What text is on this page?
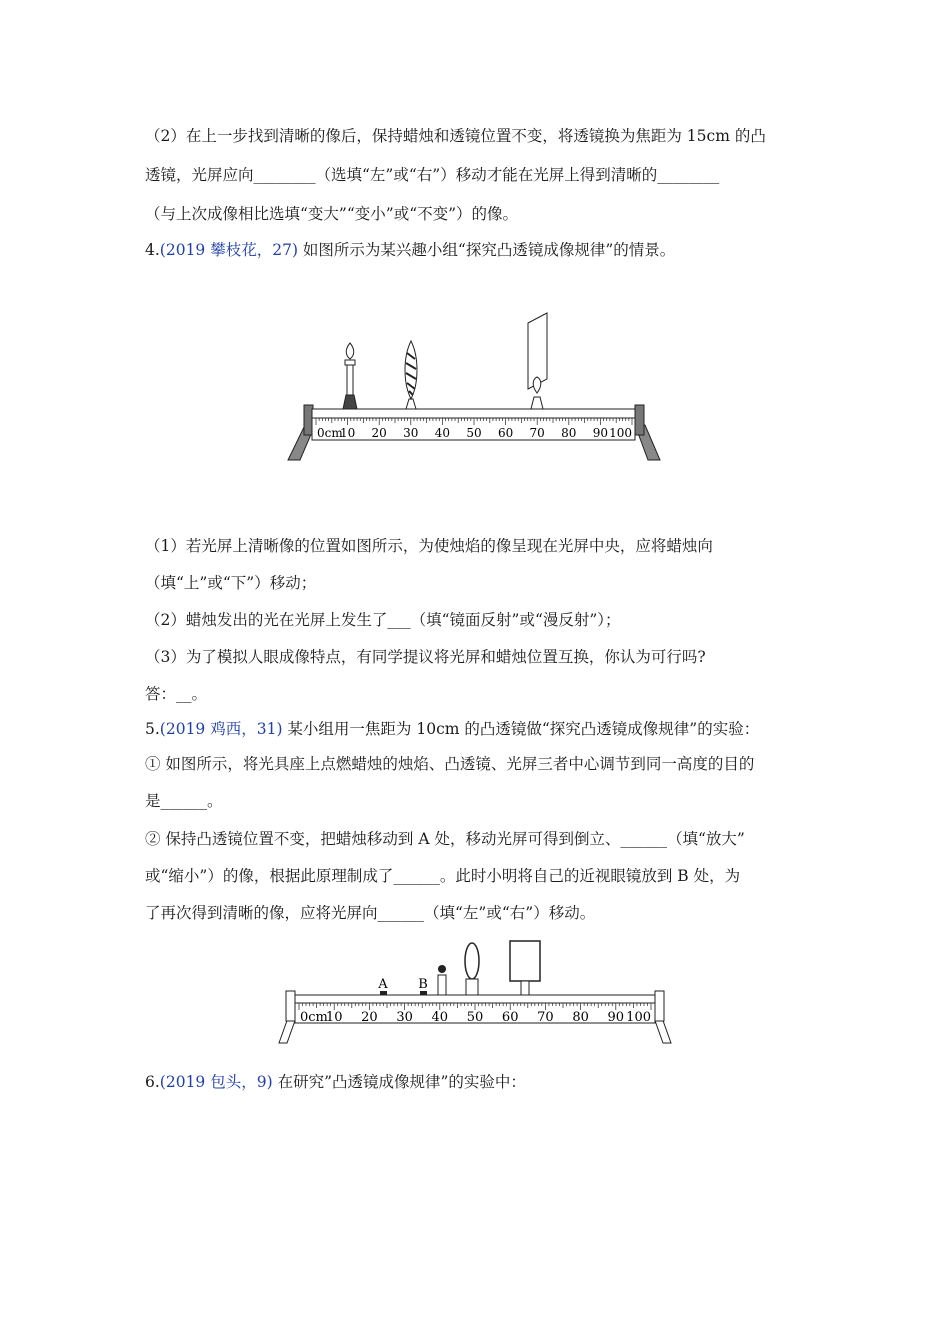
（2）在上一步找到清晰的像后，保持蜡烛和透镜位置不变，将透镜换为焦距为 15cm 的凸
透镜，光屏应向________（选填“左”或“右”）移动才能在光屏上得到清晰的________
（与上次成像相比选填“变大”“变小”或“不变”）的像。
4.(2019 攀枝花，27) 如图所示为某兴趣小组“探究凸透镜成像规律”的情景。
0cm
10 20 30 40 50 60 70 80 90 100
（1）若光屏上清晰像的位置如图所示，为使烛焰的像呈现在光屏中央，应将蜡烛向
（填“上”或“下”）移动；
（2）蜡烛发出的光在光屏上发生了___（填“镜面反射”或“漫反射”）；
（3）为了模拟人眼成像特点，有同学提议将光屏和蜡烛位置互换，你认为可行吗?
答：__。
5.(2019 鸡西，31) 某小组用一焦距为 10cm 的凸透镜做“探究凸透镜成像规律”的实验：
① 如图所示，将光具座上点燃蜡烛的烛焰、凸透镜、光屏三者中心调节到同一高度的目的
是______。
② 保持凸透镜位置不变，把蜡烛移动到 A 处，移动光屏可得到倒立、______（填“放大”
或“缩小”）的像，根据此原理制成了______。此时小明将自己的近视眼镜放到 B 处，为
了再次得到清晰的像，应将光屏向______（填“左”或“右”）移动。
0cm
10 20 30 40 50 60 70 80 90 100
A B
6.(2019 包头，9) 在研究”凸透镜成像规律”的实验中：
